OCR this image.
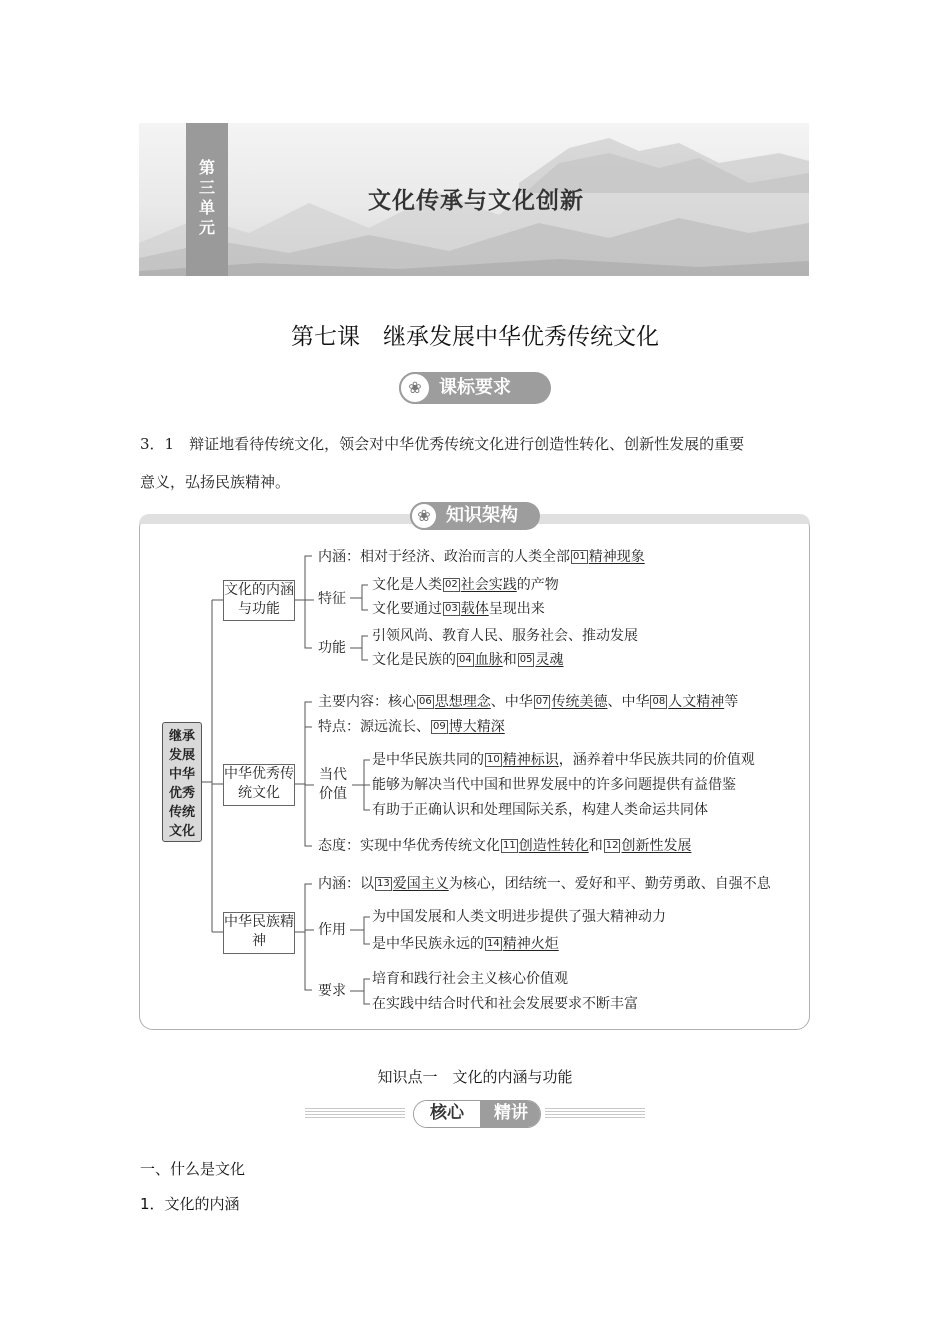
第
三
单
元
文化传承与文化创新
第七课　继承发展中华优秀传统文化
❀ 课标要求
3．1　辩证地看待传统文化，领会对中华优秀传统文化进行创造性转化、创新性发展的重要
意义，弘扬民族精神。
❀ 知识架构
继承
发展
中华
优秀
传统
文化
文化的内涵与功能
中华优秀传统文化
中华民族精神
内涵：相对于经济、政治而言的人类全部 01 精神现象
特征
文化是人类 02 社会实践的产物
文化要通过 03 载体呈现出来
功能
引领风尚、教育人民、服务社会、推动发展
文化是民族的 04 血脉和 05 灵魂
主要内容：核心 06 思想理念、中华 07 传统美德、中华 08 人文精神等
特点：源远流长、 09 博大精深
当代价值
是中华民族共同的 10 精神标识，涵养着中华民族共同的价值观
能够为解决当代中国和世界发展中的许多问题提供有益借鉴
有助于正确认识和处理国际关系，构建人类命运共同体
态度：实现中华优秀传统文化 11 创造性转化和 12 创新性发展
内涵：以 13 爱国主义为核心，团结统一、爱好和平、勤劳勇敢、自强不息
作用
为中国发展和人类文明进步提供了强大精神动力
是中华民族永远的 14 精神火炬
要求
培育和践行社会主义核心价值观
在实践中结合时代和社会发展要求不断丰富
知识点一　文化的内涵与功能
核心	精讲
一、什么是文化
1．文化的内涵
